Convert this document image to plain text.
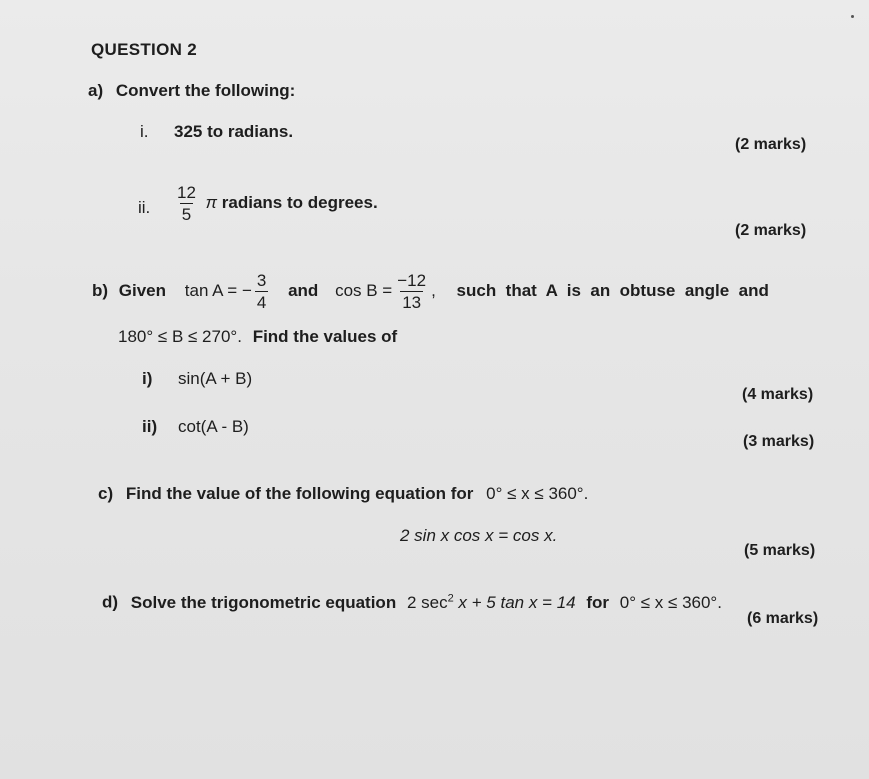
QUESTION 2
a) Convert the following:
i. 325 to radians.
(2 marks)
ii. $\frac{12}{5}$ π radians to degrees.
(2 marks)
b) Given tan A = − $\frac{3}{4}$ and $\cos B = \frac{-12}{13}$ , such  that  A  is  an  obtuse  angle  and
180° ≤ B ≤ 270°. Find the values of
i) sin(A + B)
(4 marks)
ii) cot(A - B)
(3 marks)
c) Find the value of the following equation for 0° ≤ x ≤ 360°.
2 sin x cos x = cos x.
(5 marks)
d) Solve the trigonometric equation 2 $\sec^2 x + 5$ tan x = 14 for 0° ≤ x ≤ 360°.
(6 marks)
